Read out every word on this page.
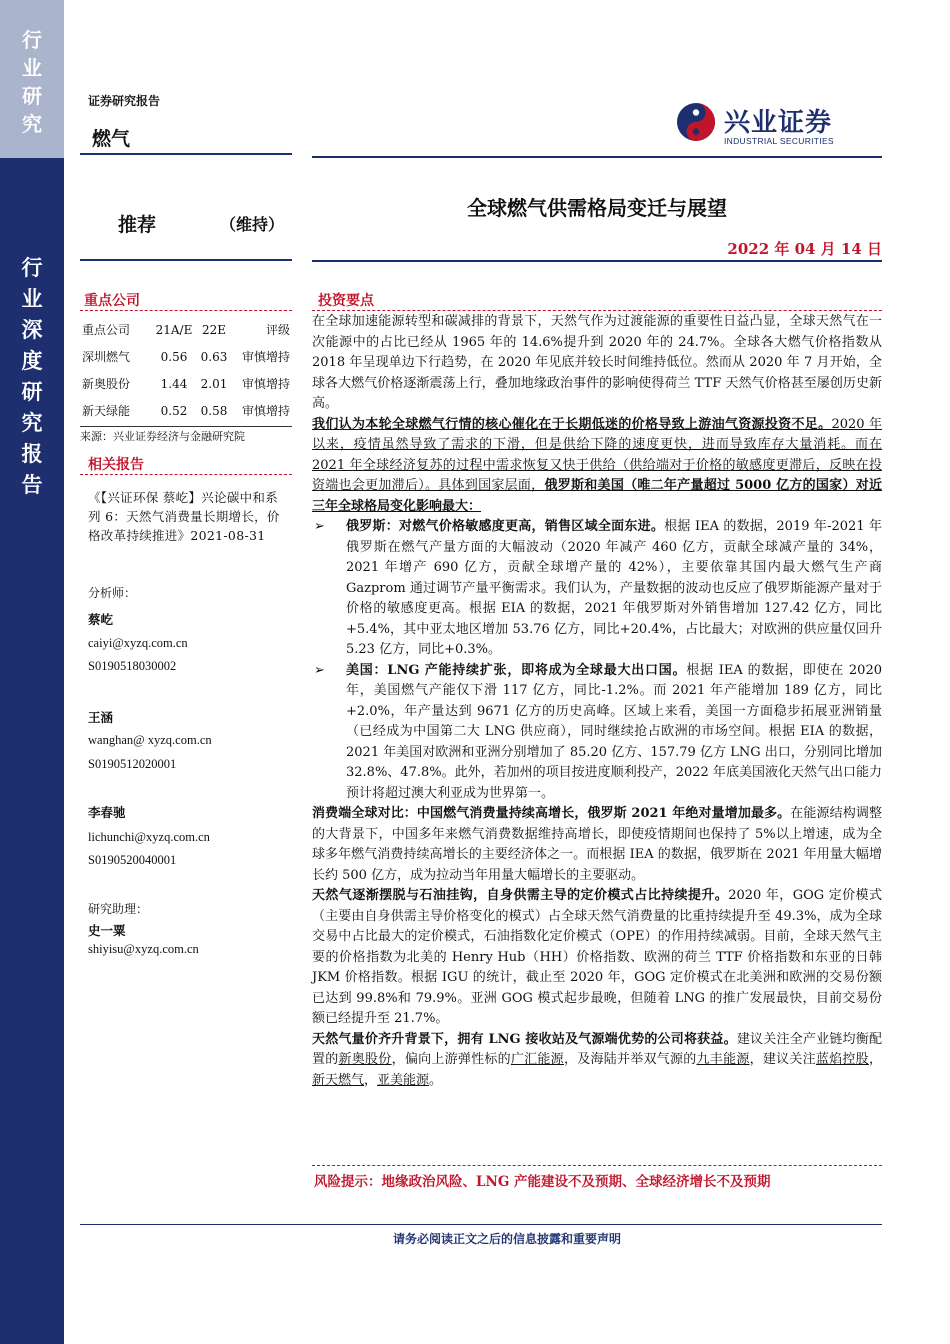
行
业
研
究
行
业
深
度
研
究
报
告
证券研究报告
燃气
兴业证券
INDUSTRIAL SECURITIES
推荐	（维持）
全球燃气供需格局变迁与展望
2022 年 04 月 14 日
重点公司
重点公司	21A/E	22E	评级
深圳燃气	0.56	0.63	审慎增持
新奥股份	1.44	2.01	审慎增持
新天绿能	0.52	0.58	审慎增持
来源：兴业证券经济与金融研究院
相关报告
《【兴证环保 蔡屹】兴论碳中和系列 6：天然气消费量长期增长，价格改革持续推进》2021-08-31
分析师：
蔡屹
caiyi@xyzq.com.cn
S0190518030002
王涵
wanghan@ xyzq.com.cn
S0190512020001
李春驰
lichunchi@xyzq.com.cn
S0190520040001
研究助理：
史一粟
shiyisu@xyzq.com.cn
投资要点

在全球加速能源转型和碳减排的背景下，天然气作为过渡能源的重要性日益凸显，全球天然气在一次能源中的占比已经从 1965 年的 14.6%提升到 2020 年的 24.7%。全球各大燃气价格指数从 2018 年呈现单边下行趋势，在 2020 年见底并较长时间维持低位。然而从 2020 年 7 月开始，全球各大燃气价格逐渐震荡上行，叠加地缘政治事件的影响使得荷兰 TTF 天然气价格甚至屡创历史新高。

我们认为本轮全球燃气行情的核心催化在于长期低迷的价格导致上游油气资源投资不足。2020 年以来，疫情虽然导致了需求的下滑，但是供给下降的速度更快，进而导致库存大量消耗。而在 2021 年全球经济复苏的过程中需求恢复又快于供给（供给端对于价格的敏感度更滞后，反映在投资端也会更加滞后）。具体到国家层面，俄罗斯和美国（唯二年产量超过 5000 亿方的国家）对近三年全球格局变化影响最大：

➢	俄罗斯：对燃气价格敏感度更高，销售区域全面东进。根据 IEA 的数据，2019 年-2021 年俄罗斯在燃气产量方面的大幅波动（2020 年减产 460 亿方，贡献全球减产量的 34%，2021 年增产 690 亿方，贡献全球增产量的 42%），主要依靠其国内最大燃气生产商 Gazprom 通过调节产量平衡需求。我们认为，产量数据的波动也反应了俄罗斯能源产量对于价格的敏感度更高。根据 EIA 的数据，2021 年俄罗斯对外销售增加 127.42 亿方，同比+5.4%，其中亚太地区增加 53.76 亿方，同比+20.4%，占比最大；对欧洲的供应量仅回升 5.23 亿方，同比+0.3%。
➢	美国：LNG 产能持续扩张，即将成为全球最大出口国。根据 IEA 的数据，即使在 2020 年，美国燃气产能仅下滑 117 亿方，同比-1.2%。而 2021 年产能增加 189 亿方，同比+2.0%，年产量达到 9671 亿方的历史高峰。区域上来看，美国一方面稳步拓展亚洲销量（已经成为中国第二大 LNG 供应商），同时继续抢占欧洲的市场空间。根据 EIA 的数据，2021 年美国对欧洲和亚洲分别增加了 85.20 亿方、157.79 亿方 LNG 出口，分别同比增加 32.8%、47.8%。此外，若加州的项目按进度顺利投产，2022 年底美国液化天然气出口能力预计将超过澳大利亚成为世界第一。

消费端全球对比：中国燃气消费量持续高增长，俄罗斯 2021 年绝对量增加最多。在能源结构调整的大背景下，中国多年来燃气消费数据维持高增长，即使疫情期间也保持了 5%以上增速，成为全球多年燃气消费持续高增长的主要经济体之一。而根据 IEA 的数据，俄罗斯在 2021 年用量大幅增长约 500 亿方，成为拉动当年用量大幅增长的主要驱动。

天然气逐渐摆脱与石油挂钩，自身供需主导的定价模式占比持续提升。2020 年，GOG 定价模式（主要由自身供需主导价格变化的模式）占全球天然气消费量的比重持续提升至 49.3%，成为全球交易中占比最大的定价模式，石油指数化定价模式（OPE）的作用持续减弱。目前，全球天然气主要的价格指数为北美的 Henry Hub（HH）价格指数、欧洲的荷兰 TTF 价格指数和东亚的日韩 JKM 价格指数。根据 IGU 的统计，截止至 2020 年，GOG 定价模式在北美洲和欧洲的交易份额已达到 99.8%和 79.9%。亚洲 GOG 模式起步最晚，但随着 LNG 的推广发展最快，目前交易份额已经提升至 21.7%。

天然气量价齐升背景下，拥有 LNG 接收站及气源端优势的公司将获益。建议关注全产业链均衡配置的新奥股份，偏向上游弹性标的广汇能源，及海陆并举双气源的九丰能源，建议关注蓝焰控股，新天燃气，亚美能源。

风险提示：地缘政治风险、LNG 产能建设不及预期、全球经济增长不及预期
请务必阅读正文之后的信息披露和重要声明
